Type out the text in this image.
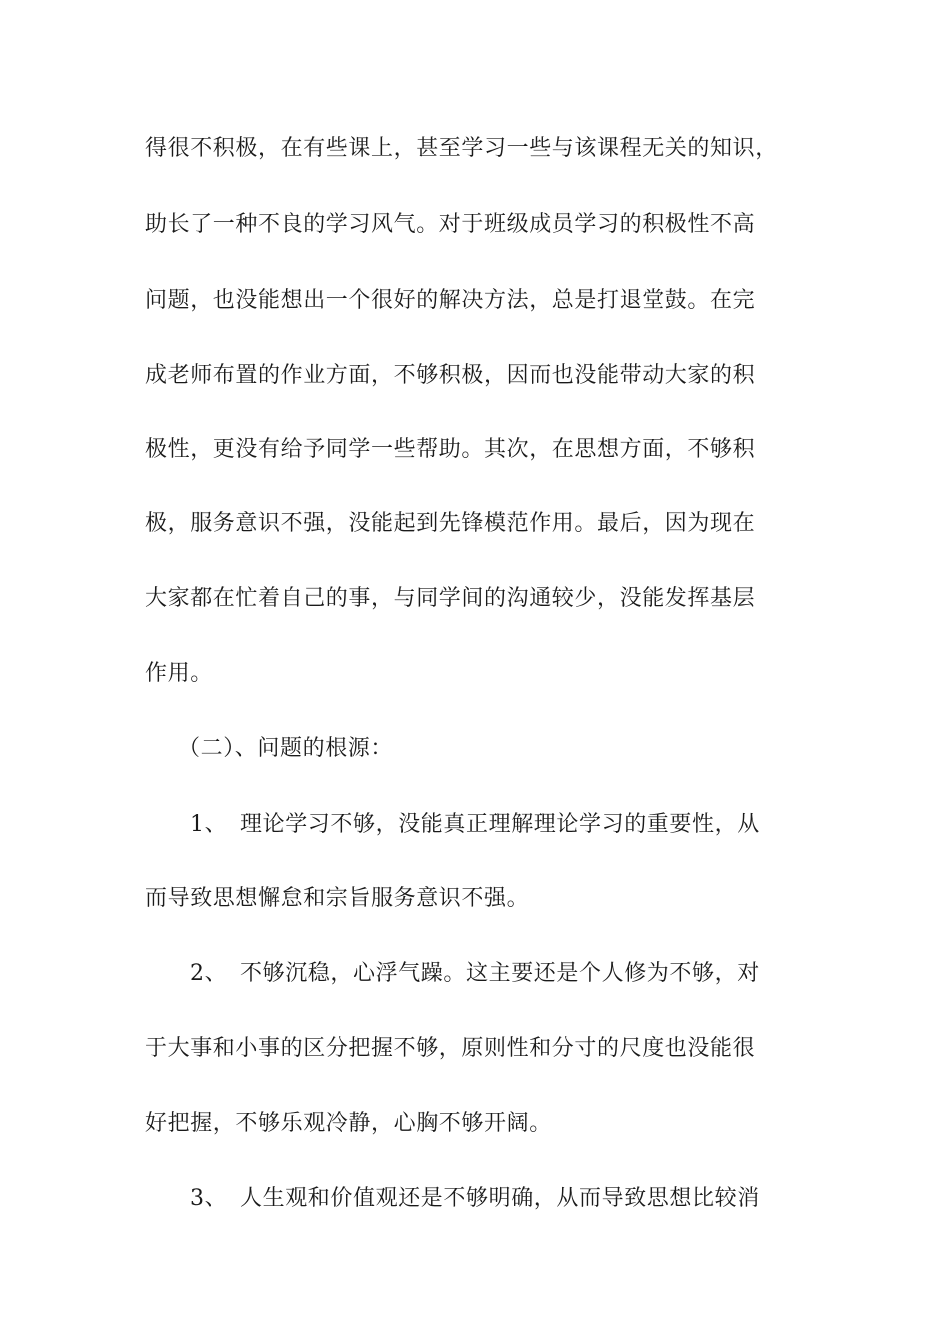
得很不积极，在有些课上，甚至学习一些与该课程无关的知识，
助长了一种不良的学习风气。对于班级成员学习的积极性不高
问题，也没能想出一个很好的解决方法，总是打退堂鼓。在完
成老师布置的作业方面，不够积极，因而也没能带动大家的积
极性，更没有给予同学一些帮助。其次，在思想方面，不够积
极，服务意识不强，没能起到先锋模范作用。最后，因为现在
大家都在忙着自己的事，与同学间的沟通较少，没能发挥基层
作用。
（二）、问题的根源：
1、 理论学习不够，没能真正理解理论学习的重要性，从
而导致思想懈怠和宗旨服务意识不强。
2、 不够沉稳，心浮气躁。这主要还是个人修为不够，对
于大事和小事的区分把握不够，原则性和分寸的尺度也没能很
好把握，不够乐观冷静，心胸不够开阔。
3、 人生观和价值观还是不够明确，从而导致思想比较消
